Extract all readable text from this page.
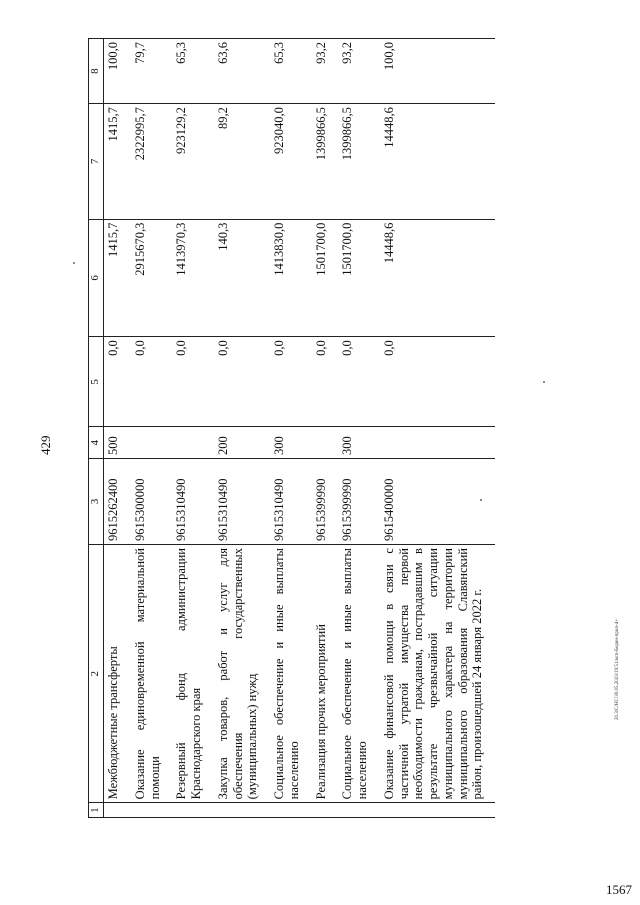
429
20.3/С/НС/30.05.2023/19:51/исп-Бедин-прил-4+
1567
1	2	3	4	5	6	7	8
	Межбюджетные трансферты	9615262400	500	0,0	1415,7	1415,7	100,0
	Оказание единовременной материальной помощи	9615300000		0,0	2915670,3	2322995,7	79,7
	Резервный фонд администрации Краснодарского края	9615310490		0,0	1413970,3	923129,2	65,3
	Закупка товаров, работ и услуг для обеспечения государственных (муниципальных) нужд	9615310490	200	0,0	140,3	89,2	63,6
	Социальное обеспечение и иные выплаты населению	9615310490	300	0,0	1413830,0	923040,0	65,3
	Реализация прочих мероприятий	9615399990		0,0	1501700,0	1399866,5	93,2
	Социальное обеспечение и иные выплаты населению	9615399990	300	0,0	1501700,0	1399866,5	93,2
	Оказание финансовой помощи в связи с частичной утратой имущества первой необходимости гражданам, пострадавшим в результате чрезвычайной ситуации муниципального характера на территории муниципального образования Славянский район, произошедшей 24 января 2022 г.	9615400000		0,0	14448,6	14448,6	100,0
